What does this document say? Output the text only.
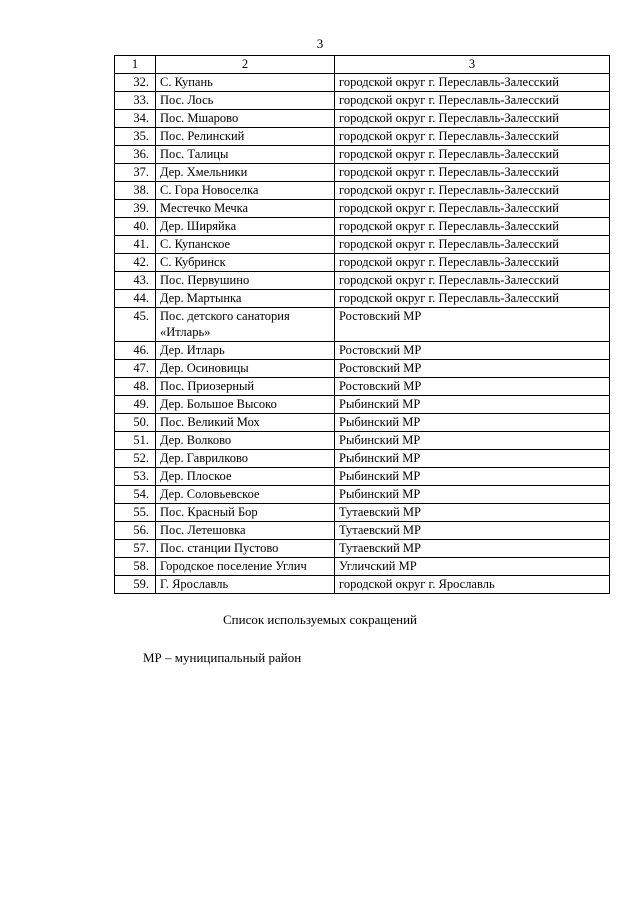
3
1	2	3
32.	С. Купань	городской округ г. Переславль-Залесский
33.	Пос. Лось	городской округ г. Переславль-Залесский
34.	Пос. Мшарово	городской округ г. Переславль-Залесский
35.	Пос. Релинский	городской округ г. Переславль-Залесский
36.	Пос. Талицы	городской округ г. Переславль-Залесский
37.	Дер. Хмельники	городской округ г. Переславль-Залесский
38.	С. Гора Новоселка	городской округ г. Переславль-Залесский
39.	Местечко Мечка	городской округ г. Переславль-Залесский
40.	Дер. Ширяйка	городской округ г. Переславль-Залесский
41.	С. Купанское	городской округ г. Переславль-Залесский
42.	С. Кубринск	городской округ г. Переславль-Залесский
43.	Пос. Первушино	городской округ г. Переславль-Залесский
44.	Дер. Мартынка	городской округ г. Переславль-Залесский
45.	Пос. детского санатория «Итларь»	Ростовский МР
46.	Дер. Итларь	Ростовский МР
47.	Дер. Осиновицы	Ростовский МР
48.	Пос. Приозерный	Ростовский МР
49.	Дер. Большое Высоко	Рыбинский МР
50.	Пос. Великий Мох	Рыбинский МР
51.	Дер. Волково	Рыбинский МР
52.	Дер. Гаврилково	Рыбинский МР
53.	Дер. Плоское	Рыбинский МР
54.	Дер. Соловьевское	Рыбинский МР
55.	Пос. Красный Бор	Тутаевский МР
56.	Пос. Летешовка	Тутаевский МР
57.	Пос. станции Пустово	Тутаевский МР
58.	Городское поселение Углич	Угличский МР
59.	Г. Ярославль	городской округ г. Ярославль
Список используемых сокращений
МР – муниципальный район
